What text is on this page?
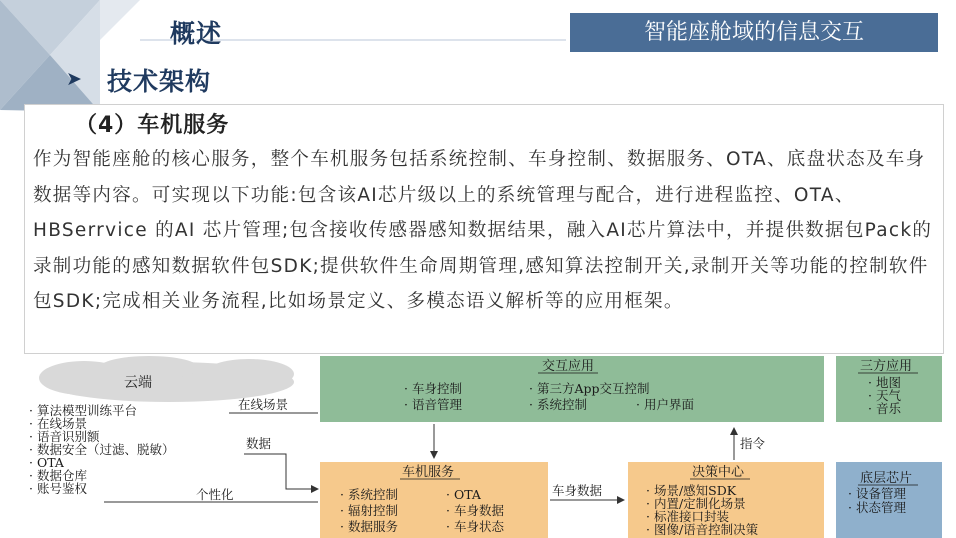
概述	智能座舱域的信息交互
➤ 技术架构
（4）车机服务

作为智能座舱的核心服务，整个车机服务包括系统控制、车身控制、数据服务、OTA、底盘状态及车身数据等内容。可实现以下功能:包含该AI芯片级以上的系统管理与配合，进行进程监控、OTA、HBSerrvice 的AI 芯片管理;包含接收传感器感知数据结果，融入AI芯片算法中，并提供数据包Pack的录制功能的感知数据软件包SDK;提供软件生命周期管理,感知算法控制开关,录制开关等功能的控制软件包SDK;完成相关业务流程,比如场景定义、多模态语义解析等的应用框架。

云端
· 算法模型训练平台
· 在线场景
· 语音识别额
· 数据安全（过滤、脱敏）
· OTA
· 数据仓库
· 账号鉴权
在线场景
数据
个性化
交互应用
· 车身控制	· 第三方App交互控制
· 语音管理	· 系统控制	· 用户界面
三方应用
· 地图
· 天气
· 音乐
指令
车机服务
· 系统控制	· OTA
· 辐射控制	· 车身数据
· 数据服务	· 车身状态
车身数据
决策中心
· 场景/感知SDK
· 内置/定制化场景
· 标准接口封装
· 图像/语音控制决策
底层芯片
· 设备管理
· 状态管理
